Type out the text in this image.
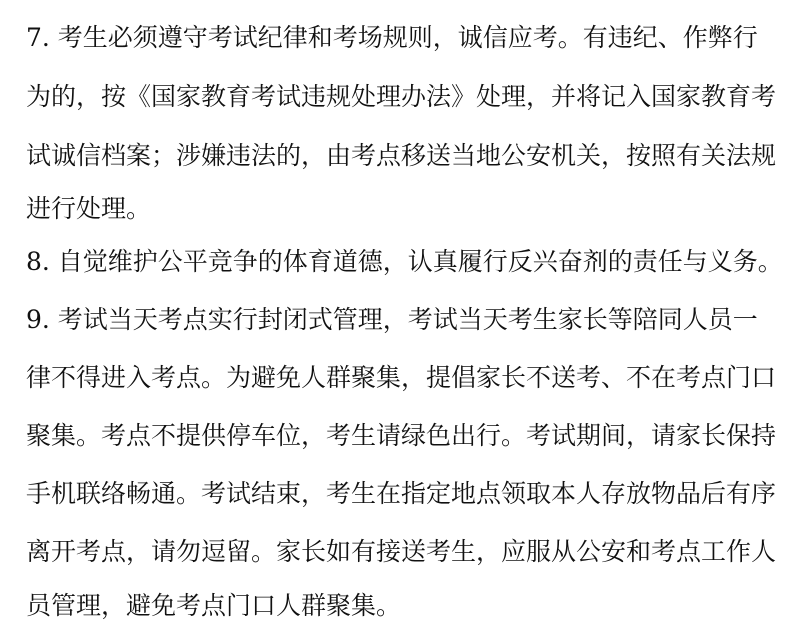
7. 考生必须遵守考试纪律和考场规则，诚信应考。有违纪、作弊行
为的，按《国家教育考试违规处理办法》处理，并将记入国家教育考
试诚信档案；涉嫌违法的，由考点移送当地公安机关，按照有关法规
进行处理。
8. 自觉维护公平竞争的体育道德，认真履行反兴奋剂的责任与义务。
9. 考试当天考点实行封闭式管理，考试当天考生家长等陪同人员一
律不得进入考点。为避免人群聚集，提倡家长不送考、不在考点门口
聚集。考点不提供停车位，考生请绿色出行。考试期间，请家长保持
手机联络畅通。考试结束，考生在指定地点领取本人存放物品后有序
离开考点，请勿逗留。家长如有接送考生，应服从公安和考点工作人
员管理，避免考点门口人群聚集。
